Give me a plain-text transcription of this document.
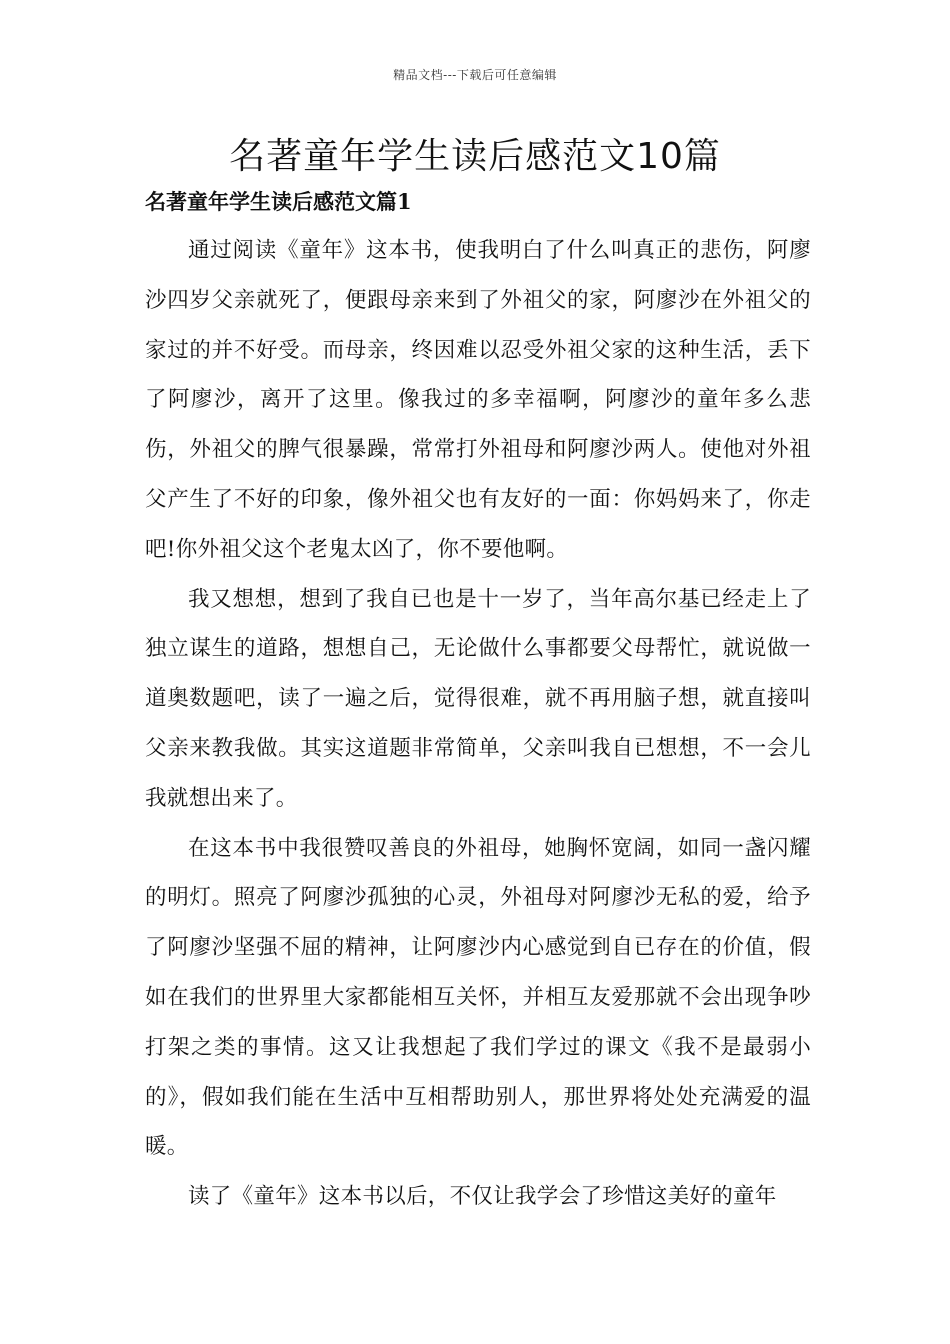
精品文档---下载后可任意编辑
名著童年学生读后感范文10篇
名著童年学生读后感范文篇1

通过阅读《童年》这本书，使我明白了什么叫真正的悲伤，阿廖沙四岁父亲就死了，便跟母亲来到了外祖父的家，阿廖沙在外祖父的家过的并不好受。而母亲，终因难以忍受外祖父家的这种生活，丢下了阿廖沙，离开了这里。像我过的多幸福啊，阿廖沙的童年多么悲伤，外祖父的脾气很暴躁，常常打外祖母和阿廖沙两人。使他对外祖父产生了不好的印象，像外祖父也有友好的一面：你妈妈来了，你走吧!你外祖父这个老鬼太凶了，你不要他啊。

我又想想，想到了我自已也是十一岁了，当年高尔基已经走上了独立谋生的道路，想想自己，无论做什么事都要父母帮忙，就说做一道奥数题吧，读了一遍之后，觉得很难，就不再用脑子想，就直接叫父亲来教我做。其实这道题非常简单，父亲叫我自已想想，不一会儿我就想出来了。

在这本书中我很赞叹善良的外祖母，她胸怀宽阔，如同一盏闪耀的明灯。照亮了阿廖沙孤独的心灵，外祖母对阿廖沙无私的爱，给予了阿廖沙坚强不屈的精神，让阿廖沙内心感觉到自已存在的价值，假如在我们的世界里大家都能相互关怀，并相互友爱那就不会出现争吵打架之类的事情。这又让我想起了我们学过的课文《我不是最弱小的》，假如我们能在生活中互相帮助别人，那世界将处处充满爱的温暖。

读了《童年》这本书以后，不仅让我学会了珍惜这美好的童年
